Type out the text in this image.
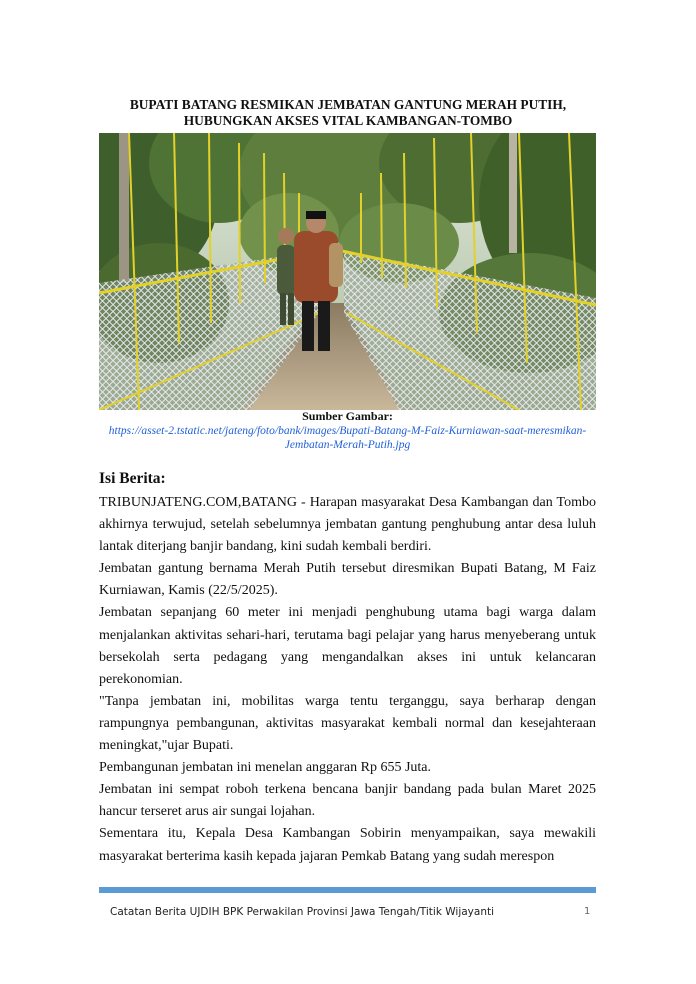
BUPATI BATANG RESMIKAN JEMBATAN GANTUNG MERAH PUTIH,
HUBUNGKAN AKSES VITAL KAMBANGAN-TOMBO
Sumber Gambar:
https://asset-2.tstatic.net/jateng/foto/bank/images/Bupati-Batang-M-Faiz-Kurniawan-saat-meresmikan-
Jembatan-Merah-Putih.jpg
Isi Berita:

TRIBUNJATENG.COM,BATANG - Harapan masyarakat Desa Kambangan dan Tombo akhirnya terwujud, setelah sebelumnya jembatan gantung penghubung antar desa luluh lantak diterjang banjir bandang, kini sudah kembali berdiri.

Jembatan gantung bernama Merah Putih tersebut diresmikan Bupati Batang, M Faiz Kurniawan, Kamis (22/5/2025).

Jembatan sepanjang 60 meter ini menjadi penghubung utama bagi warga dalam menjalankan aktivitas sehari-hari, terutama bagi pelajar yang harus menyeberang untuk bersekolah serta pedagang yang mengandalkan akses ini untuk kelancaran perekonomian.

"Tanpa jembatan ini, mobilitas warga tentu terganggu, saya berharap dengan rampungnya pembangunan, aktivitas masyarakat kembali normal dan kesejahteraan meningkat,"ujar Bupati.

Pembangunan jembatan ini menelan anggaran Rp 655 Juta.

Jembatan ini sempat roboh terkena bencana banjir bandang pada bulan Maret 2025 hancur terseret arus air sungai lojahan.

Sementara itu, Kepala Desa Kambangan Sobirin menyampaikan, saya mewakili masyarakat berterima kasih kepada jajaran Pemkab Batang yang sudah merespon

Catatan Berita UJDIH BPK Perwakilan Provinsi Jawa Tengah/Titik Wijayanti	1
